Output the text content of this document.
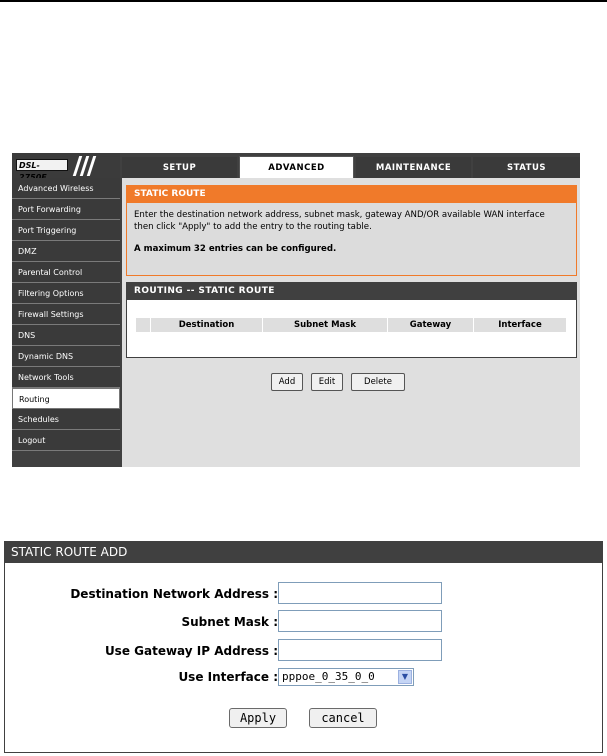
DSL-	SETUP	ADVANCED	MAINTENANCE	STATUS
Advanced Wireless
Port Forwarding
Port Triggering
DMZ
Parental Control
Filtering Options
Firewall Settings
DNS
Dynamic DNS
Network Tools
Routing
Schedules
Logout
STATIC ROUTE
Enter the destination network address, subnet mask, gateway AND/OR available WAN interface
then click "Apply" to add the entry to the routing table.
A maximum 32 entries can be configured.
ROUTING -- STATIC ROUTE
Destination	Subnet Mask	Gateway	Interface
Add	Edit	Delete
STATIC ROUTE ADD
Destination Network Address :
Subnet Mask :
Use Gateway IP Address :
Use Interface : pppoe_0_35_0_0	▼
Apply	cancel
